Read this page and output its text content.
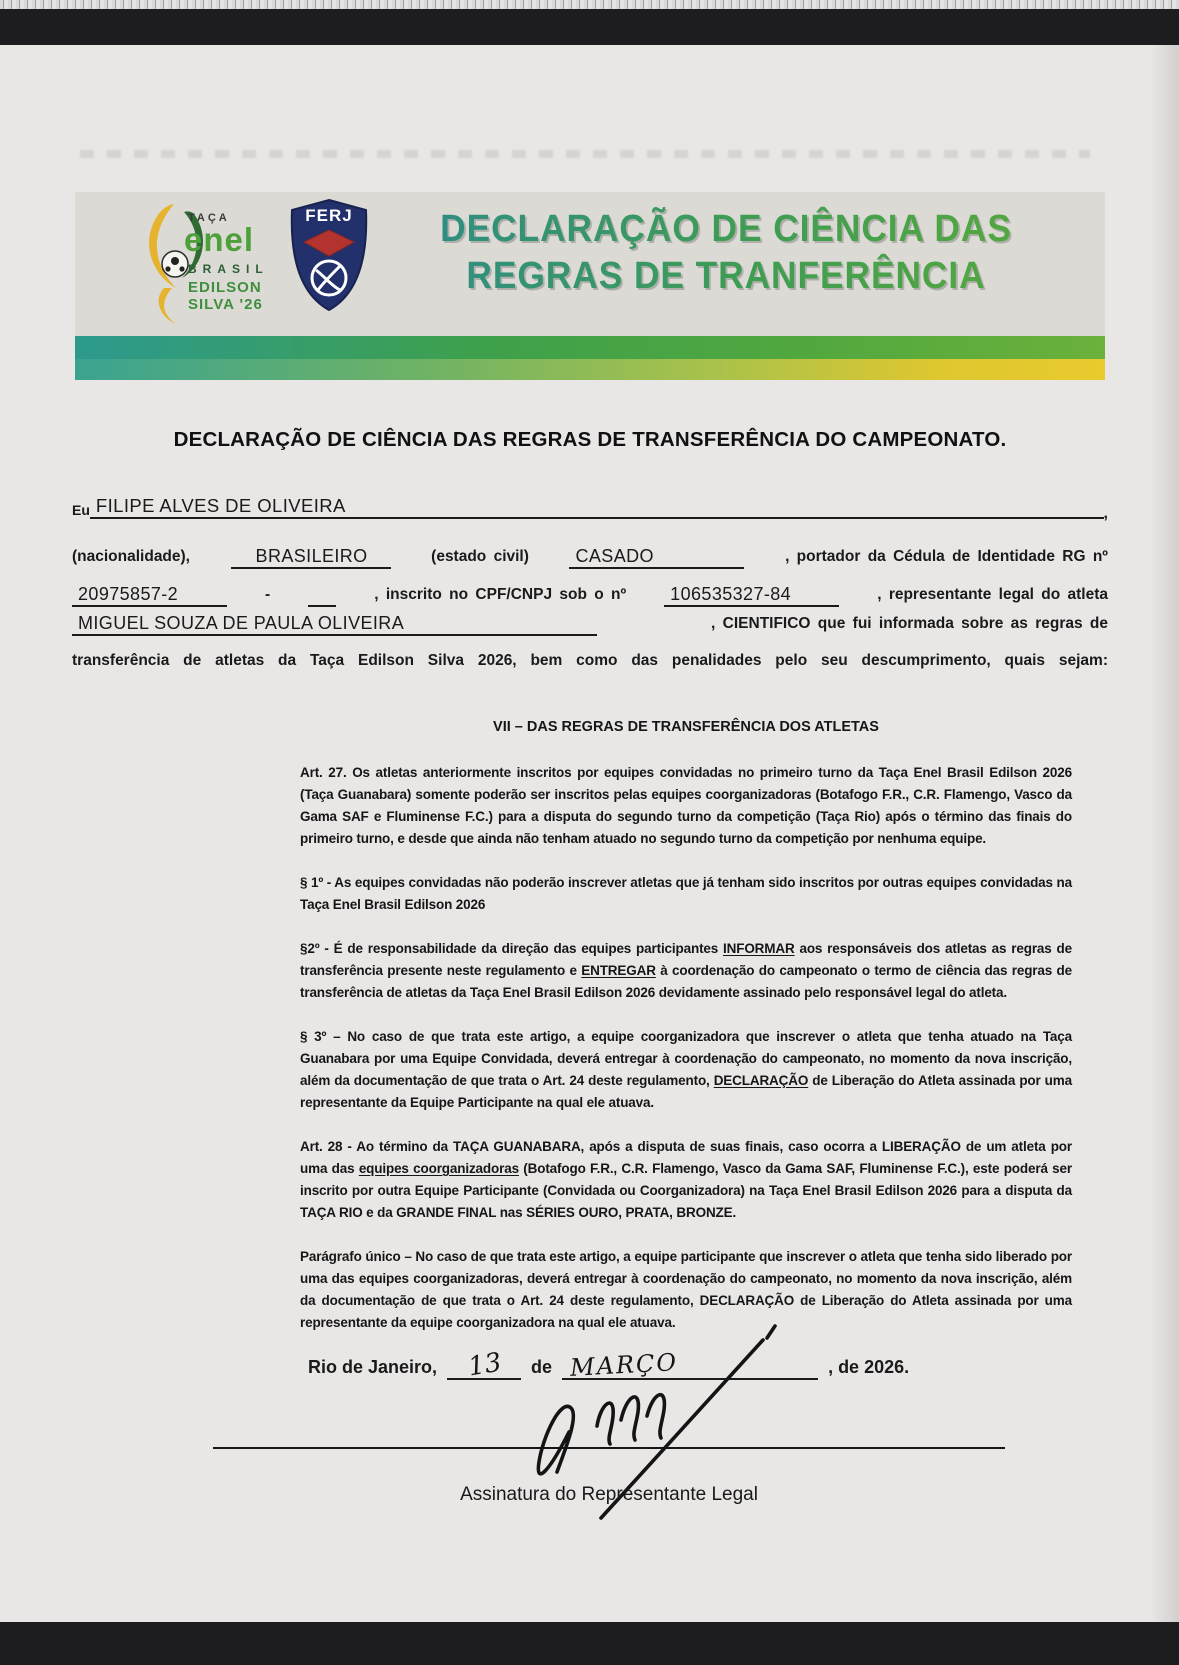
TAÇA
enel
BRASIL
EDILSON
SILVA '26
FERJ	DECLARAÇÃO DE CIÊNCIA DAS
REGRAS DE TRANFERÊNCIA
DECLARAÇÃO DE CIÊNCIA DAS REGRAS DE TRANSFERÊNCIA DO CAMPEONATO.
Eu FILIPE ALVES DE OLIVEIRA	,
(nacionalidade),	BRASILEIRO	(estado civil)	CASADO	, portador da Cédula de Identidade RG nº
20975857-2	-	, inscrito no CPF/CNPJ sob o nº	106535327-84	, representante legal do atleta
MIGUEL SOUZA DE PAULA OLIVEIRA	, CIENTIFICO que fui informada sobre as regras de
transferência de atletas da Taça Edilson Silva 2026, bem como das penalidades pelo seu descumprimento, quais sejam:
VII – DAS REGRAS DE TRANSFERÊNCIA DOS ATLETAS

Art. 27. Os atletas anteriormente inscritos por equipes convidadas no primeiro turno da Taça Enel Brasil Edilson 2026 (Taça Guanabara) somente poderão ser inscritos pelas equipes coorganizadoras (Botafogo F.R., C.R. Flamengo, Vasco da Gama SAF e Fluminense F.C.) para a disputa do segundo turno da competição (Taça Rio) após o término das finais do primeiro turno, e desde que ainda não tenham atuado no segundo turno da competição por nenhuma equipe.

§ 1º - As equipes convidadas não poderão inscrever atletas que já tenham sido inscritos por outras equipes convidadas na Taça Enel Brasil Edilson 2026

§2º - É de responsabilidade da direção das equipes participantes INFORMAR aos responsáveis dos atletas as regras de transferência presente neste regulamento e ENTREGAR à coordenação do campeonato o termo de ciência das regras de transferência de atletas da Taça Enel Brasil Edilson 2026 devidamente assinado pelo responsável legal do atleta.

§ 3º – No caso de que trata este artigo, a equipe coorganizadora que inscrever o atleta que tenha atuado na Taça Guanabara por uma Equipe Convidada, deverá entregar à coordenação do campeonato, no momento da nova inscrição, além da documentação de que trata o Art. 24 deste regulamento, DECLARAÇÃO de Liberação do Atleta assinada por uma representante da Equipe Participante na qual ele atuava.

Art. 28 - Ao término da TAÇA GUANABARA, após a disputa de suas finais, caso ocorra a LIBERAÇÃO de um atleta por uma das equipes coorganizadoras (Botafogo F.R., C.R. Flamengo, Vasco da Gama SAF, Fluminense F.C.), este poderá ser inscrito por outra Equipe Participante (Convidada ou Coorganizadora) na Taça Enel Brasil Edilson 2026 para a disputa da TAÇA RIO e da GRANDE FINAL nas SÉRIES OURO, PRATA, BRONZE.

Parágrafo único – No caso de que trata este artigo, a equipe participante que inscrever o atleta que tenha sido liberado por uma das equipes coorganizadoras, deverá entregar à coordenação do campeonato, no momento da nova inscrição, além da documentação de que trata o Art. 24 deste regulamento, DECLARAÇÃO de Liberação do Atleta assinada por uma representante da equipe coorganizadora na qual ele atuava.

Rio de Janeiro,	13	de MARÇO	, de 2026.
Assinatura do Representante Legal
